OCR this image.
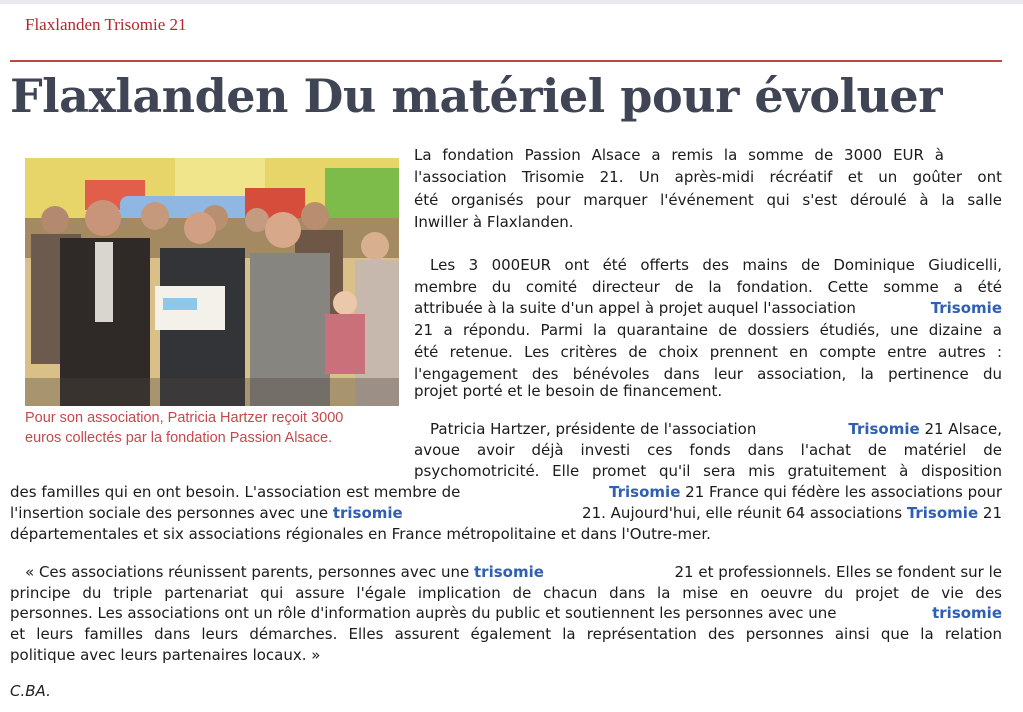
Flaxlanden Trisomie 21
Flaxlanden Du matériel pour évoluer
Pour son association, Patricia Hartzer reçoit 3000
euros collectés par la fondation Passion Alsace.
La fondation Passion Alsace a remis la somme de 3000 EUR à
l'association Trisomie 21. Un après-midi récréatif et un goûter ont
été organisés pour marquer l'événement qui s'est déroulé à la salle
Inwiller à Flaxlanden.
Les 3 000EUR ont été offerts des mains de Dominique Giudicelli,
membre du comité directeur de la fondation. Cette somme a été
attribuée à la suite d'un appel à projet auquel l'association	Trisomie
21 a répondu. Parmi la quarantaine de dossiers étudiés, une dizaine a
été retenue. Les critères de choix prennent en compte entre autres :
l'engagement des bénévoles dans leur association, la pertinence du
projet porté et le besoin de financement.
Patricia Hartzer, présidente de l'association	Trisomie 21 Alsace,
avoue avoir déjà investi ces fonds dans l'achat de matériel de
psychomotricité. Elle promet qu'il sera mis gratuitement à disposition
des familles qui en ont besoin. L'association est membre de	Trisomie 21 France qui fédère les associations pour
l'insertion sociale des personnes avec une trisomie	21. Aujourd'hui, elle réunit 64 associations Trisomie 21
départementales et six associations régionales en France métropolitaine et dans l'Outre-mer.
« Ces associations réunissent parents, personnes avec une trisomie	21 et professionnels. Elles se fondent sur le
principe du triple partenariat qui assure l'égale implication de chacun dans la mise en oeuvre du projet de vie des
personnes. Les associations ont un rôle d'information auprès du public et soutiennent les personnes avec une	trisomie
et leurs familles dans leurs démarches. Elles assurent également la représentation des personnes ainsi que la relation
politique avec leurs partenaires locaux. »
C.BA.
